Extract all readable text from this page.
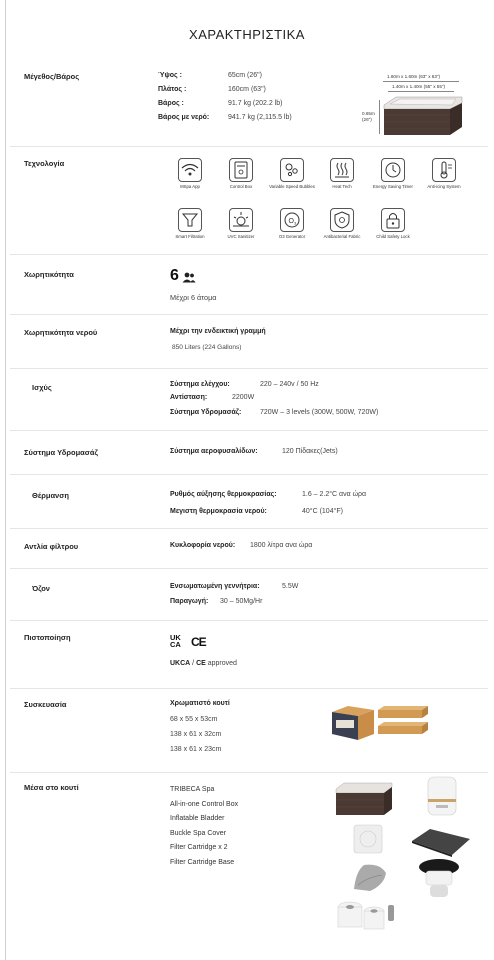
ΧΑΡΑΚΤΗΡΙΣΤΙΚΑ
Μέγεθος/Βάρος	Ύψος :	65cm (26")
Πλάτος :	160cm (63")
Βάρος :	91.7 kg (202.2 lb)
Βάρος με νερό:	941.7 kg (2,115.5 lb)
1.60m x 1.60m (63" x 63")
1.40m x 1.40m (55" x 55")
0.65m
(26")
Τεχνολογία
MSpa App	Control Box	Variable Speed Bubbles	Heat Tech	Energy Saving Timer	Anti-icing System
Smart Filtration	UVC Sanitizer
O 3
O3 Generator	Antibacterial Fabric	Child Safety Lock
Χωρητικότητα	6
Μέχρι 6 άτομα
Χωρητικότητα νερού	Μέχρι την ενδεικτική γραμμή
850 Liters (224 Gallons)
Ισχύς	Σύστημα ελέγχου:	220 – 240v / 50 Hz
Αντίσταση:	2200W
Σύστημα Υδρομασάζ:	720W – 3 levels (300W, 500W, 720W)
Σύστημα Υδρομασάζ	Σύστημα αεροφυσαλίδων:	120 Πίδακες(Jets)
Θέρμανση	Ρυθμός αύξησης θερμοκρασίας:	1.6 – 2.2°C ανα ώρα
Μεγιστη θερμοκρασία νερού:	40°C (104°F)
Αντλία φίλτρου	Κυκλοφορία νερού: 1800 λίτρα ανα ώρα
Όζον	Ενσωματωμένη γεννήτρια:	5.5W
Παραγωγή: 30 – 50Mg/Hr
Πιστοποίηση	UK CA CE
UKCA / CE approved
Συσκευασία	Χρωματιστό κουτί
68 x 55 x 53cm
138 x 61 x 32cm
138 x 61 x 23cm
Μέσα στο κουτί	TRIBECA Spa
All-in-one Control Box
Inflatable Bladder
Buckle Spa Cover
Filter Cartridge x 2
Filter Cartridge Base
